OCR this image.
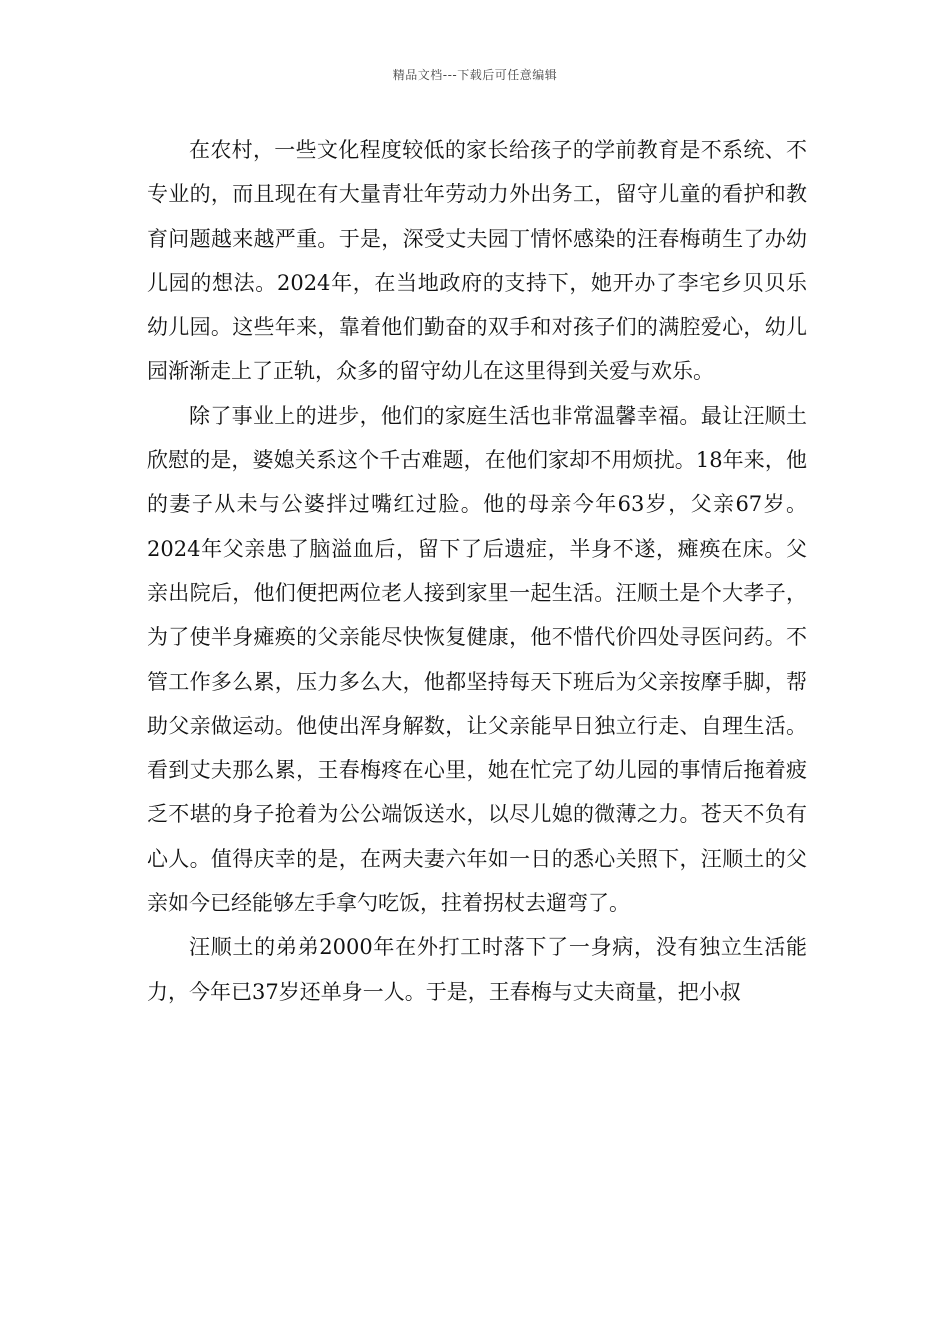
精品文档---下载后可任意编辑

在农村，一些文化程度较低的家长给孩子的学前教育是不系统、不专业的，而且现在有大量青壮年劳动力外出务工，留守儿童的看护和教育问题越来越严重。于是，深受丈夫园丁情怀感染的汪春梅萌生了办幼儿园的想法。2024年，在当地政府的支持下，她开办了李宅乡贝贝乐幼儿园。这些年来，靠着他们勤奋的双手和对孩子们的满腔爱心，幼儿园渐渐走上了正轨，众多的留守幼儿在这里得到关爱与欢乐。

除了事业上的进步，他们的家庭生活也非常温馨幸福。最让汪顺土欣慰的是，婆媳关系这个千古难题，在他们家却不用烦扰。18年来，他的妻子从未与公婆拌过嘴红过脸。他的母亲今年63岁，父亲67岁。2024年父亲患了脑溢血后，留下了后遗症，半身不遂，瘫痪在床。父亲出院后，他们便把两位老人接到家里一起生活。汪顺土是个大孝子，为了使半身瘫痪的父亲能尽快恢复健康，他不惜代价四处寻医问药。不管工作多么累，压力多么大，他都坚持每天下班后为父亲按摩手脚，帮助父亲做运动。他使出浑身解数，让父亲能早日独立行走、自理生活。看到丈夫那么累，王春梅疼在心里，她在忙完了幼儿园的事情后拖着疲乏不堪的身子抢着为公公端饭送水，以尽儿媳的微薄之力。苍天不负有心人。值得庆幸的是，在两夫妻六年如一日的悉心关照下，汪顺土的父亲如今已经能够左手拿勺吃饭，拄着拐杖去遛弯了。

汪顺土的弟弟2000年在外打工时落下了一身病，没有独立生活能力，今年已37岁还单身一人。于是，王春梅与丈夫商量，把小叔
